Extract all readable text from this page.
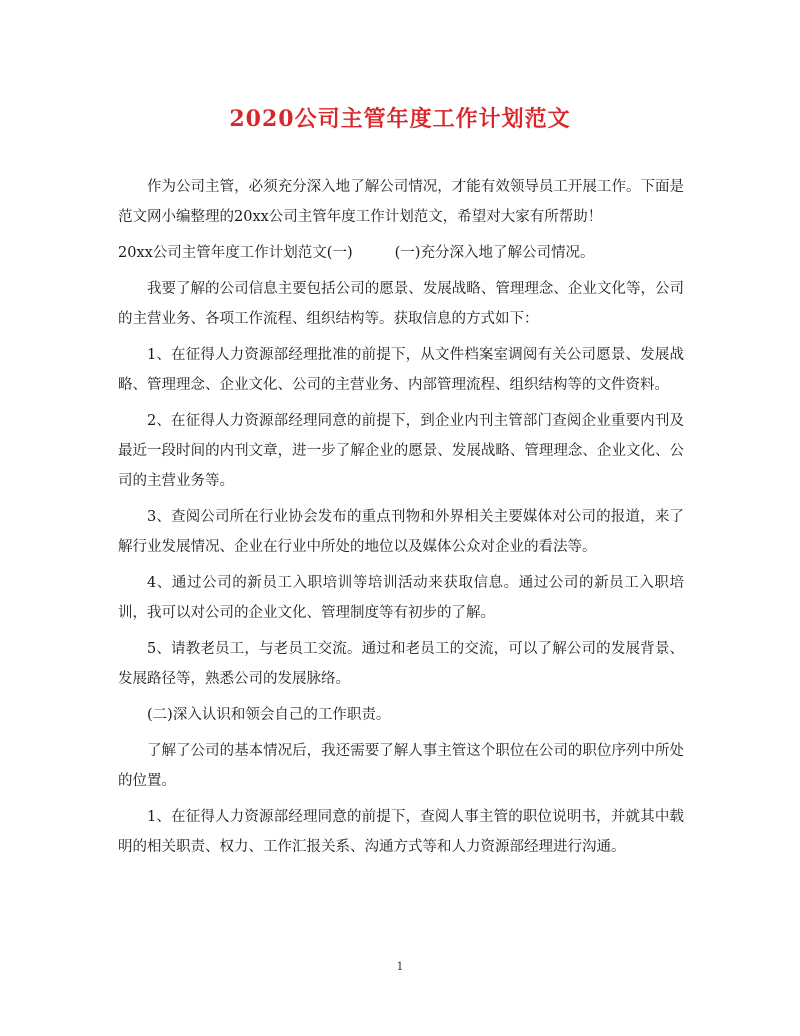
2020公司主管年度工作计划范文

作为公司主管，必须充分深入地了解公司情况，才能有效领导员工开展工作。下面是范文网小编整理的20xx公司主管年度工作计划范文，希望对大家有所帮助！

20xx公司主管年度工作计划范文(一)	(一)充分深入地了解公司情况。

我要了解的公司信息主要包括公司的愿景、发展战略、管理理念、企业文化等，公司的主营业务、各项工作流程、组织结构等。获取信息的方式如下：

1、在征得人力资源部经理批准的前提下，从文件档案室调阅有关公司愿景、发展战略、管理理念、企业文化、公司的主营业务、内部管理流程、组织结构等的文件资料。

2、在征得人力资源部经理同意的前提下，到企业内刊主管部门查阅企业重要内刊及最近一段时间的内刊文章，进一步了解企业的愿景、发展战略、管理理念、企业文化、公司的主营业务等。

3、查阅公司所在行业协会发布的重点刊物和外界相关主要媒体对公司的报道，来了解行业发展情况、企业在行业中所处的地位以及媒体公众对企业的看法等。

4、通过公司的新员工入职培训等培训活动来获取信息。通过公司的新员工入职培训，我可以对公司的企业文化、管理制度等有初步的了解。

5、请教老员工，与老员工交流。通过和老员工的交流，可以了解公司的发展背景、发展路径等，熟悉公司的发展脉络。

(二)深入认识和领会自己的工作职责。

了解了公司的基本情况后，我还需要了解人事主管这个职位在公司的职位序列中所处的位置。

1、在征得人力资源部经理同意的前提下，查阅人事主管的职位说明书，并就其中载明的相关职责、权力、工作汇报关系、沟通方式等和人力资源部经理进行沟通。

1
